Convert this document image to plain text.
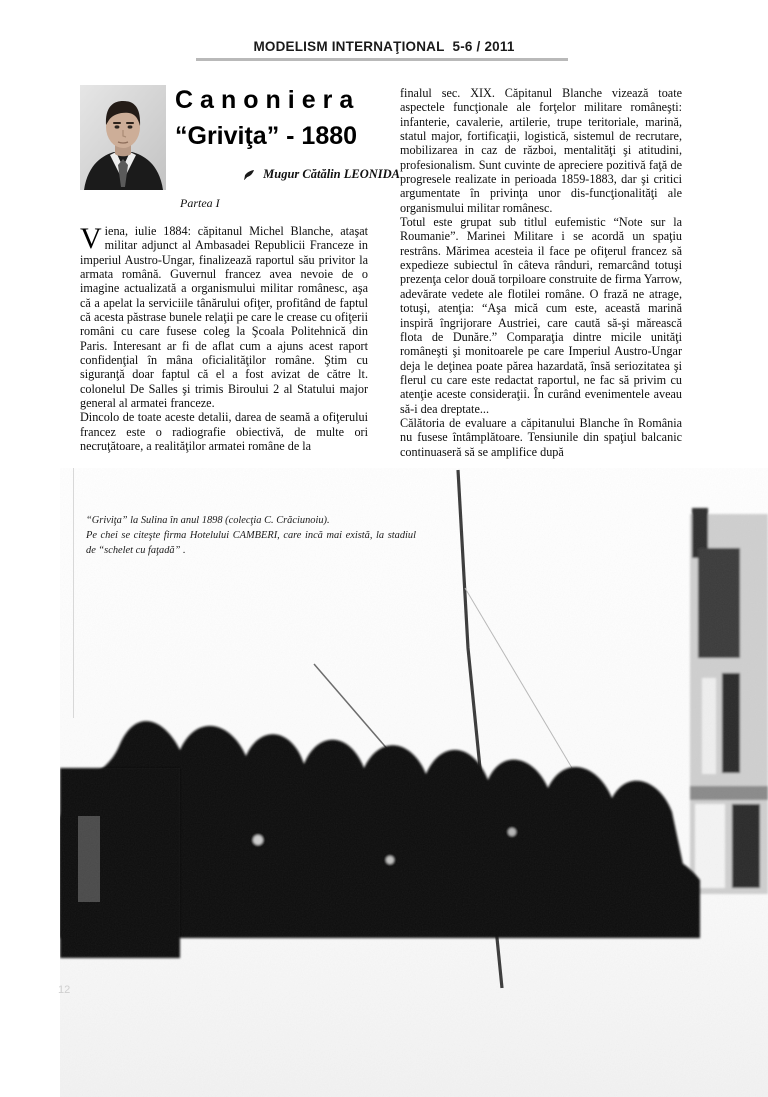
MODELISM INTERNAŢIONAL 5-6 / 2011
Canoniera
“Griviţa” - 1880
Mugur Cătălin LEONIDA
Partea I

Viena, iulie 1884: căpitanul Michel Blanche, ataşat militar adjunct al Ambasadei Republicii Franceze in imperiul Austro-Ungar, finalizează raportul său privitor la armata română. Guvernul francez avea nevoie de o imagine actualizată a organismului militar românesc, aşa că a apelat la serviciile tânărului ofiţer, profitând de faptul că acesta păstrase bunele relaţii pe care le crease cu ofiţerii români cu care fusese coleg la Şcoala Politehnică din Paris. Interesant ar fi de aflat cum a ajuns acest raport confidenţial în mâna oficialităţilor române. Ştim cu siguranţă doar faptul că el a fost avizat de către lt. colonelul De Salles şi trimis Biroului 2 al Statului major general al armatei franceze.

Dincolo de toate aceste detalii, darea de seamă a ofiţerului francez este o radiografie obiectivă, de multe ori necruţătoare, a realităţilor armatei române de la

finalul sec. XIX. Căpitanul Blanche vizează toate aspectele funcţionale ale forţelor militare româneşti: infanterie, cavalerie, artilerie, trupe teritoriale, marină, statul major, fortificaţii, logistică, sistemul de recrutare, mobilizarea in caz de război, mentalităţi şi atitudini, profesionalism. Sunt cuvinte de apreciere pozitivă faţă de progresele realizate in perioada 1859-1883, dar şi critici argumentate în privinţa unor dis-funcţionalităţi ale organismului militar românesc.

Totul este grupat sub titlul eufemistic “Note sur la Roumanie”. Marinei Militare i se acordă un spaţiu restrâns. Mărimea acesteia il face pe ofiţerul francez să expedieze subiectul în câteva rânduri, remarcând totuşi prezenţa celor două torpiloare construite de firma Yarrow, adevărate vedete ale flotilei române. O frază ne atrage, totuşi, atenţia: “Aşa mică cum este, această marină inspiră îngrijorare Austriei, care caută să-şi mărească flota de Dunăre.” Comparaţia dintre micile unităţi româneşti şi monitoarele pe care Imperiul Austro-Ungar deja le deţinea poate părea hazardată, însă seriozitatea şi flerul cu care este redactat raportul, ne fac să privim cu atenţie aceste consideraţii. În curând evenimentele aveau să-i dea dreptate...

Călătoria de evaluare a căpitanului Blanche în România nu fusese întâmplătoare. Tensiunile din spaţiul balcanic continuaseră să se amplifice după

“Griviţa” la Sulina în anul 1898 (colecţia C. Crăciunoiu).
Pe chei se citeşte firma Hotelului CAMBERI, care incă mai există, la stadiul de “schelet cu faţadă” .
12
